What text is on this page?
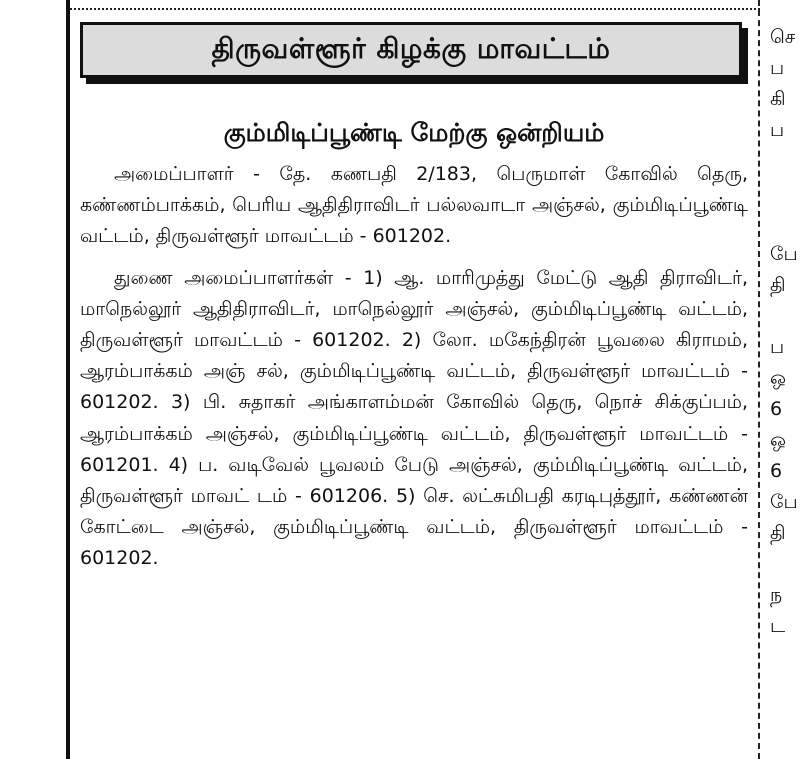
திருவள்ளூர் கிழக்கு மாவட்டம்
கும்மிடிப்பூண்டி மேற்கு ஒன்றியம்

அமைப்பாளர் - தே. கணபதி 2/183, பெருமாள் கோவில் தெரு, கண்ணம்பாக்கம், பெரிய ஆதிதிராவிடர் பல்லவாடா அஞ்சல், கும்மிடிப்பூண்டி வட்டம், திருவள்ளூர் மாவட்டம் - 601202.

துணை அமைப்பாளர்கள் - 1) ஆ. மாரிமுத்து மேட்டு ஆதி திராவிடர், மாநெல்லூர் ஆதிதிராவிடர், மாநெல்லூர் அஞ்சல், கும்மிடிப்பூண்டி வட்டம், திருவள்ளூர் மாவட்டம் - 601202. 2) லோ. மகேந்திரன் பூவலை கிராமம், ஆரம்பாக்கம் அஞ் சல், கும்மிடிப்பூண்டி வட்டம், திருவள்ளூர் மாவட்டம் - 601202. 3) பி. சுதாகர் அங்காளம்மன் கோவில் தெரு, நொச் சிக்குப்பம், ஆரம்பாக்கம் அஞ்சல், கும்மிடிப்பூண்டி வட்டம், திருவள்ளூர் மாவட்டம் - 601201. 4) ப. வடிவேல் பூவலம் பேடு அஞ்சல், கும்மிடிப்பூண்டி வட்டம், திருவள்ளூர் மாவட் டம் - 601206. 5) செ. லட்சுமிபதி கரடிபுத்தூர், கண்ணன் கோட்டை அஞ்சல், கும்மிடிப்பூண்டி வட்டம், திருவள்ளூர் மாவட்டம் - 601202.

செ
ப
கி
ப
பே
தி
ப
ஒ
6
ஒ
6
பே
தி
ந
ட
